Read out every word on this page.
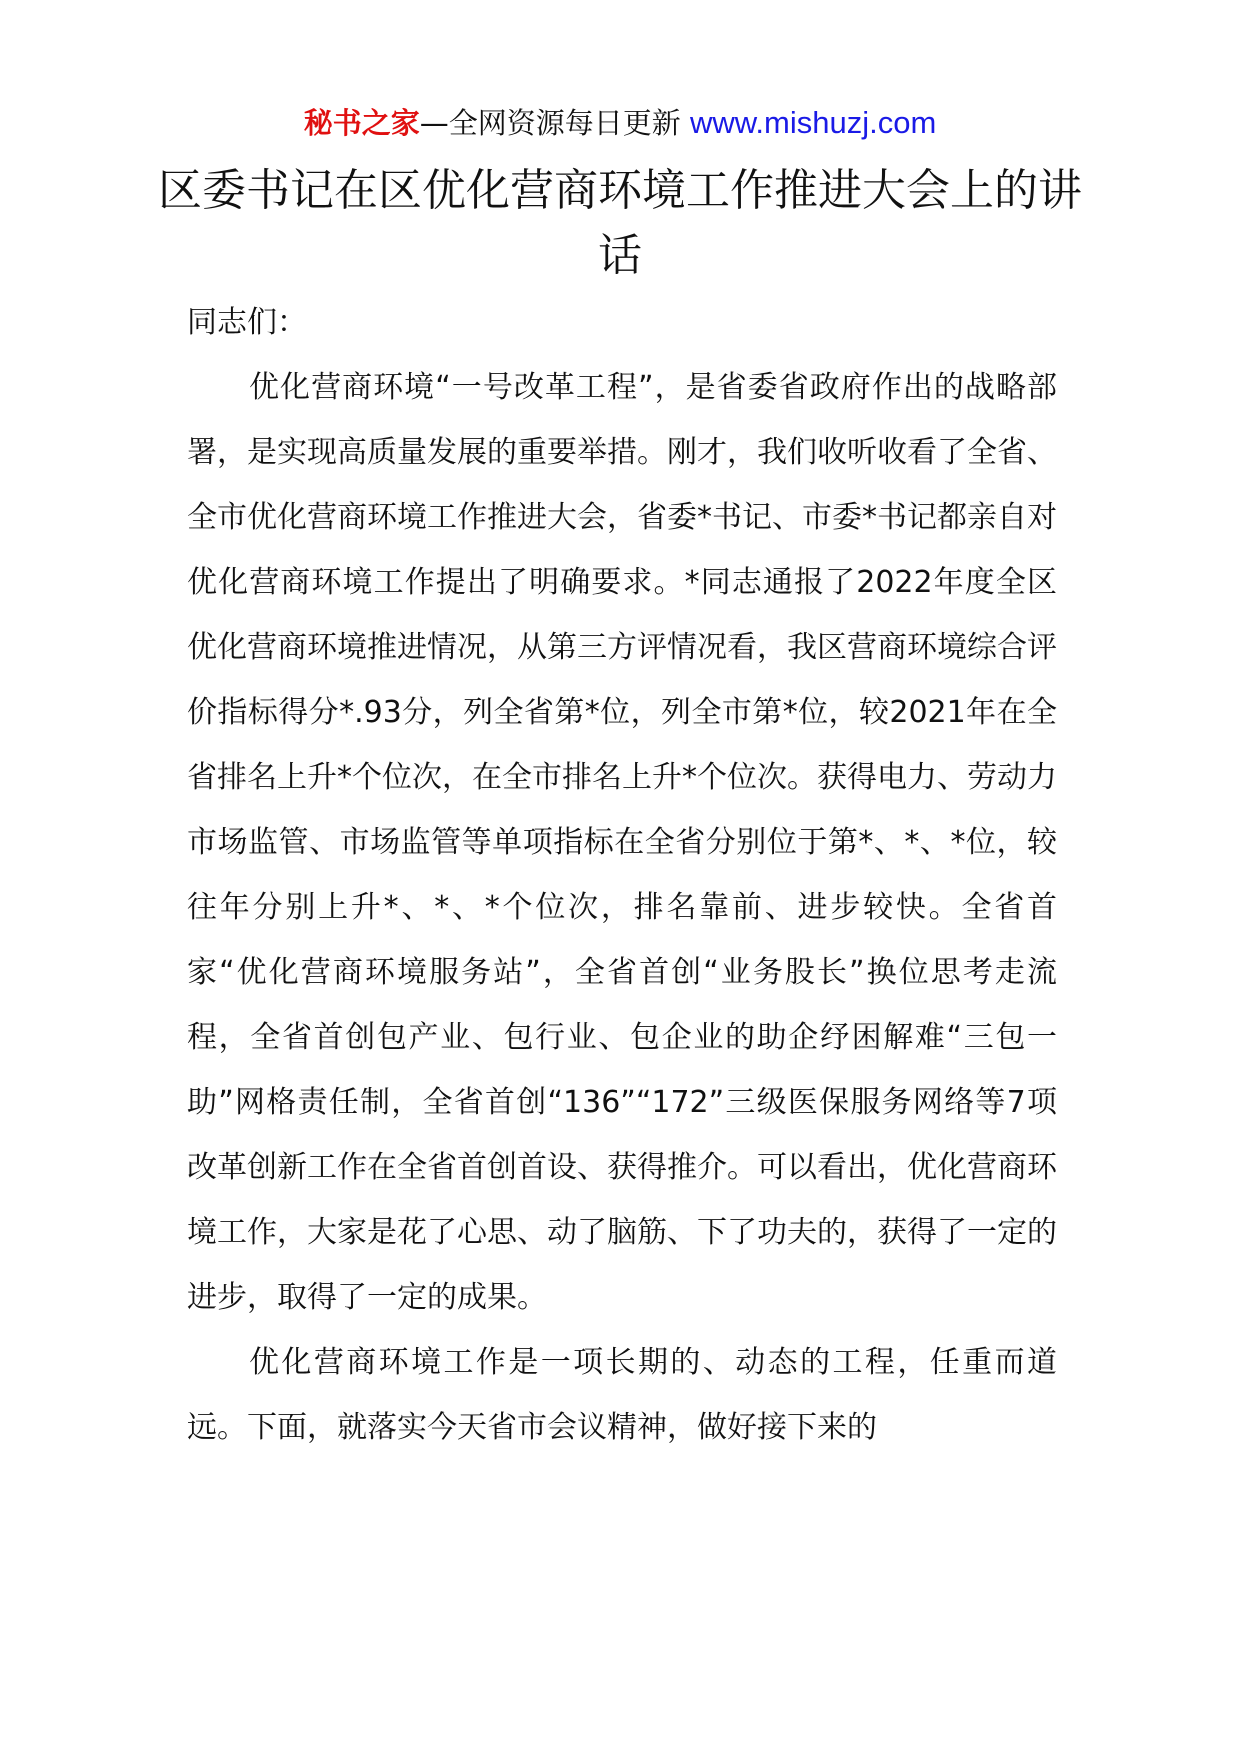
秘书之家—全网资源每日更新 www.mishuzj.com
区委书记在区优化营商环境工作推进大会上的讲话

同志们：

优化营商环境“一号改革工程”，是省委省政府作出的战略部署，是实现高质量发展的重要举措。刚才，我们收听收看了全省、全市优化营商环境工作推进大会，省委*书记、市委*书记都亲自对优化营商环境工作提出了明确要求。*同志通报了2022年度全区优化营商环境推进情况，从第三方评情况看，我区营商环境综合评价指标得分*.93分，列全省第*位，列全市第*位，较2021年在全省排名上升*个位次，在全市排名上升*个位次。获得电力、劳动力市场监管、市场监管等单项指标在全省分别位于第*、*、*位，较往年分别上升*、*、*个位次，排名靠前、进步较快。全省首家“优化营商环境服务站”，全省首创“业务股长”换位思考走流程，全省首创包产业、包行业、包企业的助企纾困解难“三包一助”网格责任制，全省首创“136”“172”三级医保服务网络等7项改革创新工作在全省首创首设、获得推介。可以看出，优化营商环境工作，大家是花了心思、动了脑筋、下了功夫的，获得了一定的进步，取得了一定的成果。

优化营商环境工作是一项长期的、动态的工程，任重而道远。下面，就落实今天省市会议精神，做好接下来的
